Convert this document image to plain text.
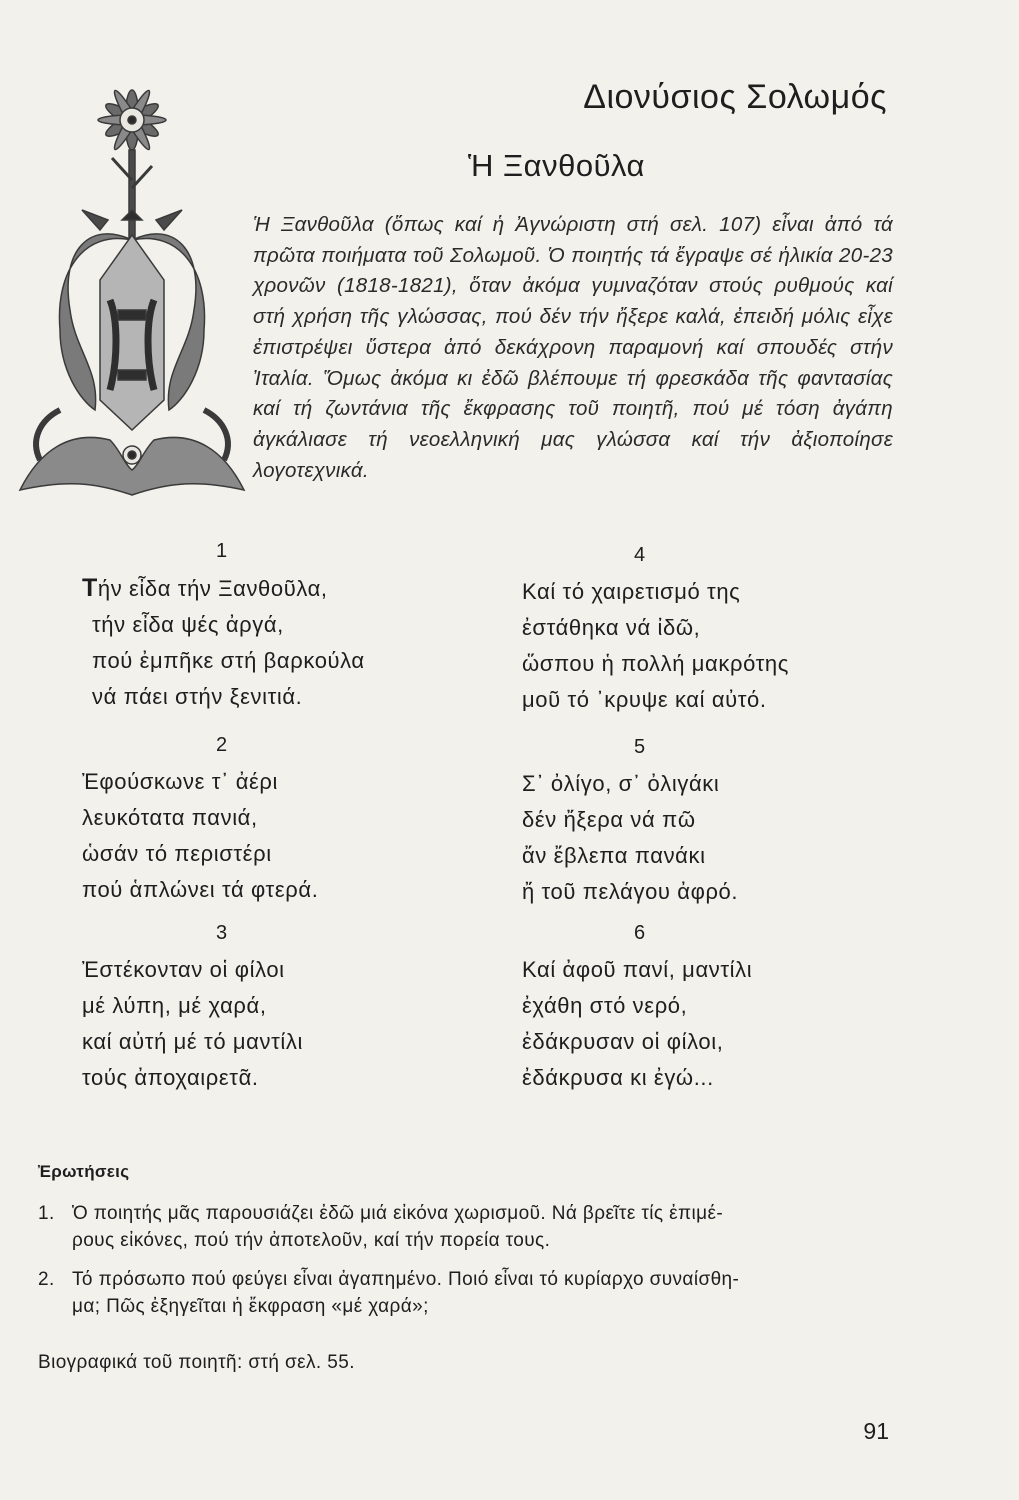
Διονύσιος Σολωμός
Ἡ Ξανθοῦλα
Ἡ Ξανθοῦλα (ὅπως καί ἡ Ἀγνώριστη στή σελ. 107) εἶναι ἀπό τά πρῶτα ποιήματα τοῦ Σολωμοῦ. Ὁ ποιητής τά ἔγραψε σέ ἡλικία 20-23 χρονῶν (1818-1821), ὅταν ἀκόμα γυμναζόταν στούς ρυθμούς καί στή χρήση τῆς γλώσσας, πού δέν τήν ἤξερε καλά, ἐπειδή μόλις εἶχε ἐπιστρέψει ὕστερα ἀπό δεκάχρονη παραμονή καί σπουδές στήν Ἰταλία. Ὅμως ἀκόμα κι ἐδῶ βλέπουμε τή φρεσκάδα τῆς φαντασίας καί τή ζωντάνια τῆς ἔκφρασης τοῦ ποιητῆ, πού μέ τόση ἀγάπη ἀγκάλιασε τή νεοελληνική μας γλώσσα καί τήν ἀξιοποίησε λογοτεχνικά.
1
Τήν εἶδα τήν Ξανθοῦλα,
τήν εἶδα ψές ἀργά,
πού ἐμπῆκε στή βαρκούλα
νά πάει στήν ξενιτιά.
2
Ἐφούσκωνε τ᾿ ἀέρι
λευκότατα πανιά,
ὡσάν τό περιστέρι
πού ἁπλώνει τά φτερά.
3
Ἐστέκονταν οἱ φίλοι
μέ λύπη, μέ χαρά,
καί αὐτή μέ τό μαντίλι
τούς ἀποχαιρετᾶ.
4
Καί τό χαιρετισμό της
ἐστάθηκα νά ἰδῶ,
ὥσπου ἡ πολλή μακρότης
μοῦ τό ᾿κρυψε καί αὐτό.
5
Σ᾿ ὀλίγο, σ᾿ ὀλιγάκι
δέν ἤξερα νά πῶ
ἄν ἔβλεπα πανάκι
ἤ τοῦ πελάγου ἀφρό.
6
Καί ἀφοῦ πανί, μαντίλι
ἐχάθη στό νερό,
ἐδάκρυσαν οἱ φίλοι,
ἐδάκρυσα κι ἐγώ...
Ἐρωτήσεις
1. Ὁ ποιητής μᾶς παρουσιάζει ἐδῶ μιά εἰκόνα χωρισμοῦ. Νά βρεῖτε τίς ἐπιμέ-
ρους εἰκόνες, πού τήν ἀποτελοῦν, καί τήν πορεία τους.
2. Τό πρόσωπο πού φεύγει εἶναι ἀγαπημένο. Ποιό εἶναι τό κυρίαρχο συναίσθη-
μα; Πῶς ἐξηγεῖται ἡ ἔκφραση «μέ χαρά»;
Βιογραφικά τοῦ ποιητῆ: στή σελ. 55.
91
